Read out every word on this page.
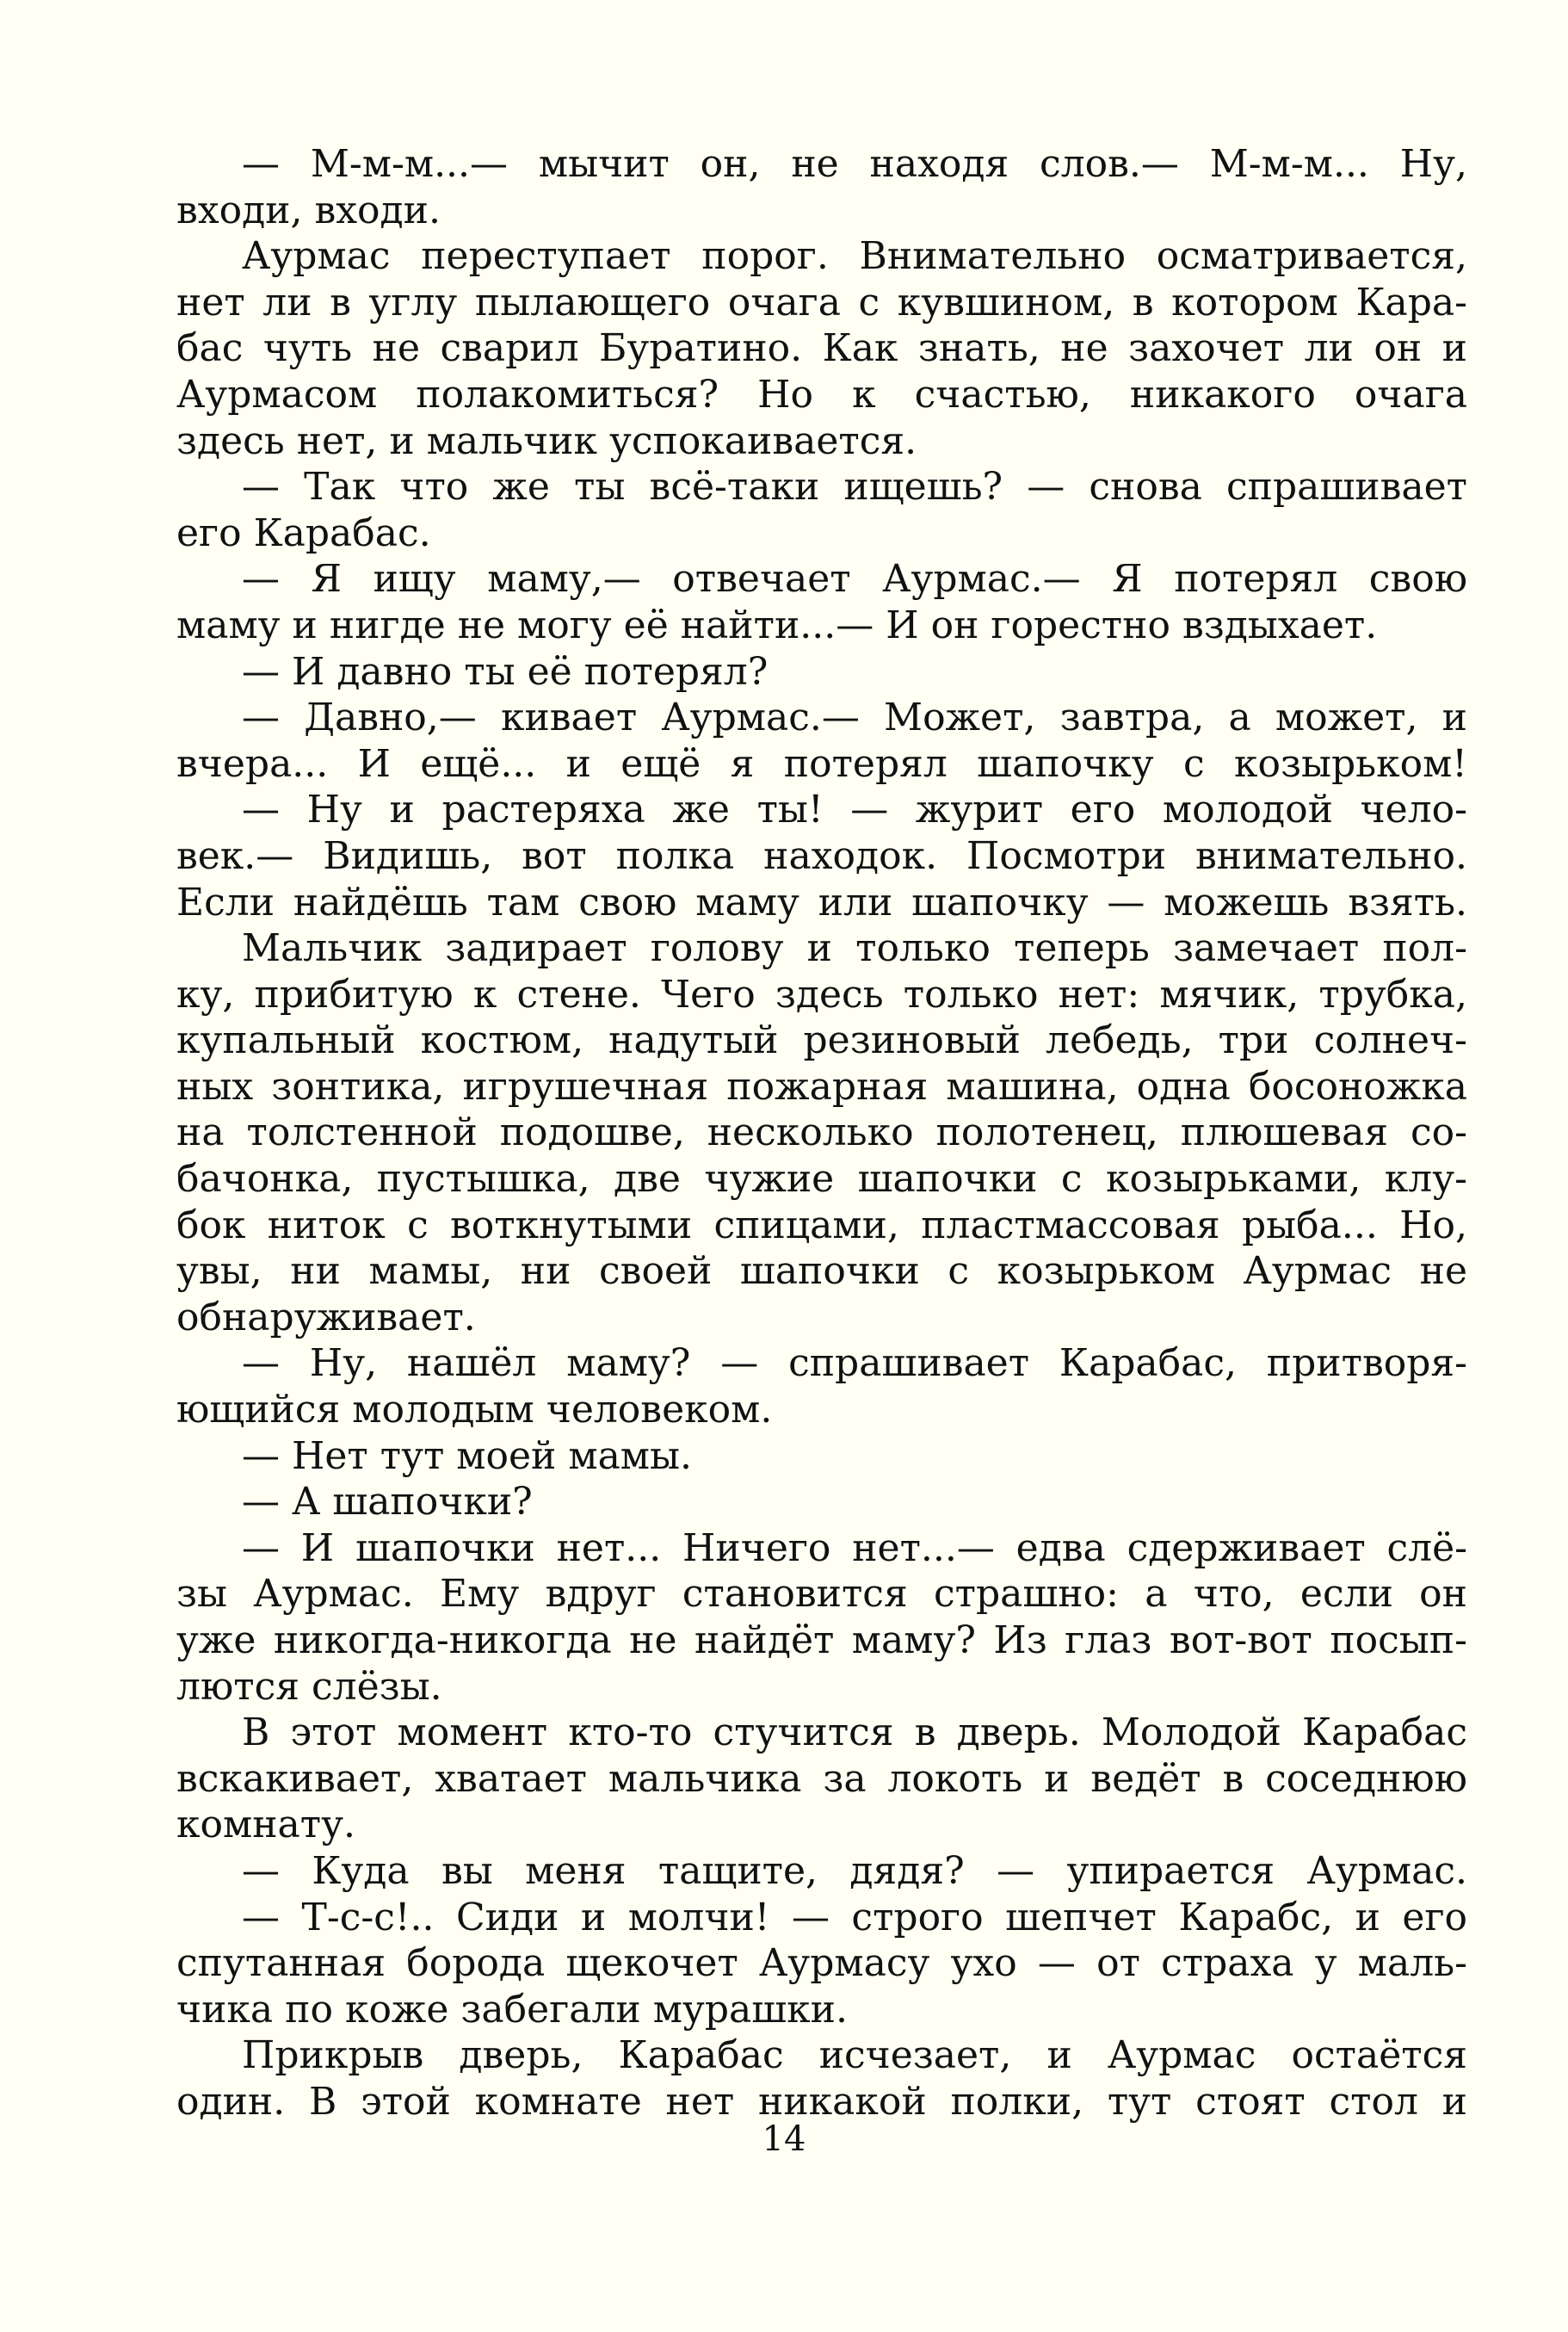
— М-м-м...— мычит он, не находя слов.— М-м-м... Ну,
входи, входи.

Аурмас переступает порог. Внимательно осматривается,
нет ли в углу пылающего очага с кувшином, в котором Кара-
бас чуть не сварил Буратино. Как знать, не захочет ли он и
Аурмасом полакомиться? Но к счастью, никакого очага
здесь нет, и мальчик успокаивается.

— Так что же ты всё-таки ищешь? — снова спрашивает
его Карабас.

— Я ищу маму,— отвечает Аурмас.— Я потерял свою
маму и нигде не могу её найти...— И он горестно вздыхает.

— И давно ты её потерял?

— Давно,— кивает Аурмас.— Может, завтра, а может, и
вчера... И ещё... и ещё я потерял шапочку с козырьком!

— Ну и растеряха же ты! — журит его молодой чело-
век.— Видишь, вот полка находок. Посмотри внимательно.
Если найдёшь там свою маму или шапочку — можешь взять.

Мальчик задирает голову и только теперь замечает пол-
ку, прибитую к стене. Чего здесь только нет: мячик, трубка,
купальный костюм, надутый резиновый лебедь, три солнеч-
ных зонтика, игрушечная пожарная машина, одна босоножка
на толстенной подошве, несколько полотенец, плюшевая со-
бачонка, пустышка, две чужие шапочки с козырьками, клу-
бок ниток с воткнутыми спицами, пластмассовая рыба... Но,
увы, ни мамы, ни своей шапочки с козырьком Аурмас не
обнаруживает.

— Ну, нашёл маму? — спрашивает Карабас, притворя-
ющийся молодым человеком.

— Нет тут моей мамы.

— А шапочки?

— И шапочки нет... Ничего нет...— едва сдерживает слё-
зы Аурмас. Ему вдруг становится страшно: а что, если он
уже никогда-никогда не найдёт маму? Из глаз вот-вот посып-
лются слёзы.

В этот момент кто-то стучится в дверь. Молодой Карабас
вскакивает, хватает мальчика за локоть и ведёт в соседнюю
комнату.

— Куда вы меня тащите, дядя? — упирается Аурмас.

— Т-с-с!.. Сиди и молчи! — строго шепчет Карабс, и его
спутанная борода щекочет Аурмасу ухо — от страха у маль-
чика по коже забегали мурашки.

Прикрыв дверь, Карабас исчезает, и Аурмас остаётся
один. В этой комнате нет никакой полки, тут стоят стол и

14
